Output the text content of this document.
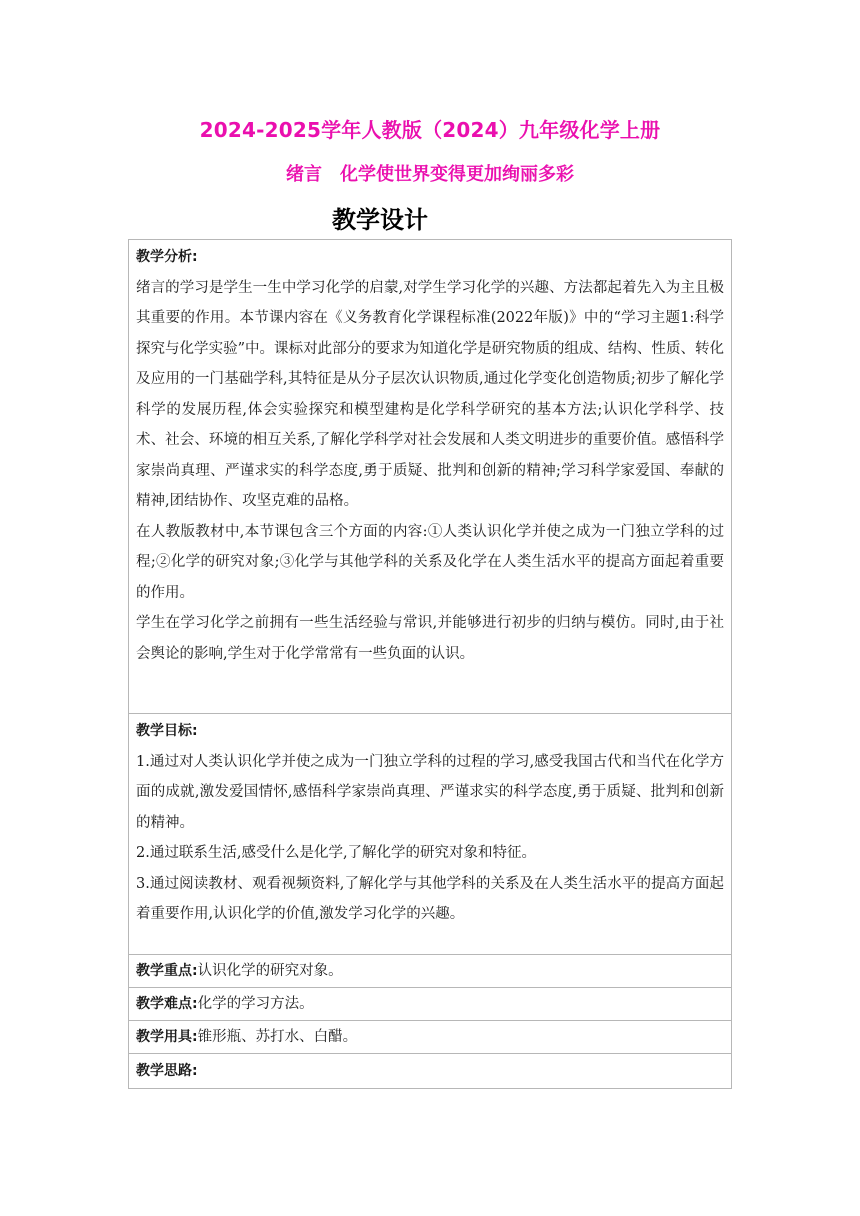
2024-2025学年人教版（2024）九年级化学上册
绪言　化学使世界变得更加绚丽多彩
教学设计

教学分析:

绪言的学习是学生一生中学习化学的启蒙,对学生学习化学的兴趣、方法都起着先入为主且极其重要的作用。本节课内容在《义务教育化学课程标准(2022年版)》中的“学习主题1:科学探究与化学实验”中。课标对此部分的要求为知道化学是研究物质的组成、结构、性质、转化及应用的一门基础学科,其特征是从分子层次认识物质,通过化学变化创造物质;初步了解化学科学的发展历程,体会实验探究和模型建构是化学科学研究的基本方法;认识化学科学、技术、社会、环境的相互关系,了解化学科学对社会发展和人类文明进步的重要价值。感悟科学家崇尚真理、严谨求实的科学态度,勇于质疑、批判和创新的精神;学习科学家爱国、奉献的精神,团结协作、攻坚克难的品格。

在人教版教材中,本节课包含三个方面的内容:①人类认识化学并使之成为一门独立学科的过程;②化学的研究对象;③化学与其他学科的关系及化学在人类生活水平的提高方面起着重要的作用。

学生在学习化学之前拥有一些生活经验与常识,并能够进行初步的归纳与模仿。同时,由于社会舆论的影响,学生对于化学常常有一些负面的认识。

教学目标:

1.通过对人类认识化学并使之成为一门独立学科的过程的学习,感受我国古代和当代在化学方面的成就,激发爱国情怀,感悟科学家崇尚真理、严谨求实的科学态度,勇于质疑、批判和创新的精神。

2.通过联系生活,感受什么是化学,了解化学的研究对象和特征。

3.通过阅读教材、观看视频资料,了解化学与其他学科的关系及在人类生活水平的提高方面起着重要作用,认识化学的价值,激发学习化学的兴趣。

教学重点:认识化学的研究对象。
教学难点:化学的学习方法。
教学用具:锥形瓶、苏打水、白醋。
教学思路:
